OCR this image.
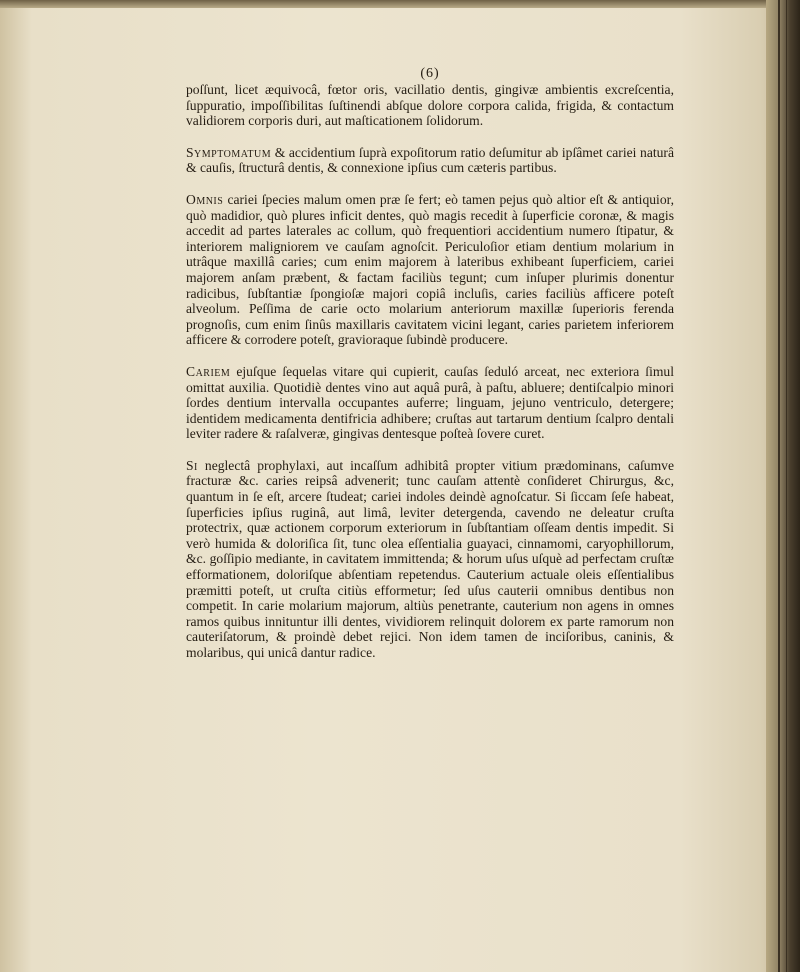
(6)

poſſunt, licet æquivocâ, fœtor oris, vacillatio dentis, gingivæ ambientis excreſcentia, ſuppuratio, impoſſibilitas ſuſtinendi abſque dolore corpora calida, frigida, & contactum validiorem corporis duri, aut maſticationem ſolidorum.

Symptomatum & accidentium ſuprà expoſitorum ratio deſumitur ab ipſâmet cariei naturâ & cauſis, ſtructurâ dentis, & connexione ipſius cum cæteris partibus.

Omnis cariei ſpecies malum omen præ ſe fert; eò tamen pejus quò altior eſt & antiquior, quò madidior, quò plures inficit dentes, quò magis recedit à ſuperficie coronæ, & magis accedit ad partes laterales ac collum, quò frequentiori accidentium numero ſtipatur, & interiorem maligniorem ve cauſam agnoſcit. Periculoſior etiam dentium molarium in utrâque maxillâ caries; cum enim majorem à lateribus exhibeant ſuperficiem, cariei majorem anſam præbent, & factam faciliùs tegunt; cum inſuper plurimis donentur radicibus, ſubſtantiæ ſpongioſæ majori copiâ incluſis, caries faciliùs afficere poteſt alveolum. Peſſima de carie octo molarium anteriorum maxillæ ſuperioris ferenda prognoſis, cum enim ſinûs maxillaris cavitatem vicini legant, caries parietem inferiorem afficere & corrodere poteſt, gravioraque ſubindè producere.

Cariem ejuſque ſequelas vitare qui cupierit, cauſas ſeduló arceat, nec exteriora ſimul omittat auxilia. Quotidiè dentes vino aut aquâ purâ, à paſtu, abluere; dentiſcalpio minori ſordes dentium intervalla occupantes auferre; linguam, jejuno ventriculo, detergere; identidem medicamenta dentifricia adhibere; cruſtas aut tartarum dentium ſcalpro dentali leviter radere & raſalveræ, gingivas dentesque poſteà ſovere curet.

Si neglectâ prophylaxi, aut incaſſum adhibitâ propter vitium prædominans, caſumve fracturæ &c. caries reipsâ advenerit; tunc cauſam attentè conſideret Chirurgus, &c, quantum in ſe eſt, arcere ſtudeat; cariei indoles deindè agnoſcatur. Si ſiccam ſeſe habeat, ſuperficies ipſius ruginâ, aut limâ, leviter detergenda, cavendo ne deleatur cruſta protectrix, quæ actionem corporum exteriorum in ſubſtantiam oſſeam dentis impedit. Si verò humida & doloriſica ſit, tunc olea eſſentialia guayaci, cinnamomi, caryophillorum, &c. goſſipio mediante, in cavitatem immittenda; & horum uſus uſquè ad perfectam cruſtæ efformationem, doloriſque abſentiam repetendus. Cauterium actuale oleis eſſentialibus præmitti poteſt, ut cruſta citiùs efformetur; ſed uſus cauterii omnibus dentibus non competit. In carie molarium majorum, altiùs penetrante, cauterium non agens in omnes ramos quibus innituntur illi dentes, vividiorem relinquit dolorem ex parte ramorum non cauteriſatorum, & proindè debet rejici. Non idem tamen de inciſoribus, caninis, & molaribus, qui unicâ dantur radice.
